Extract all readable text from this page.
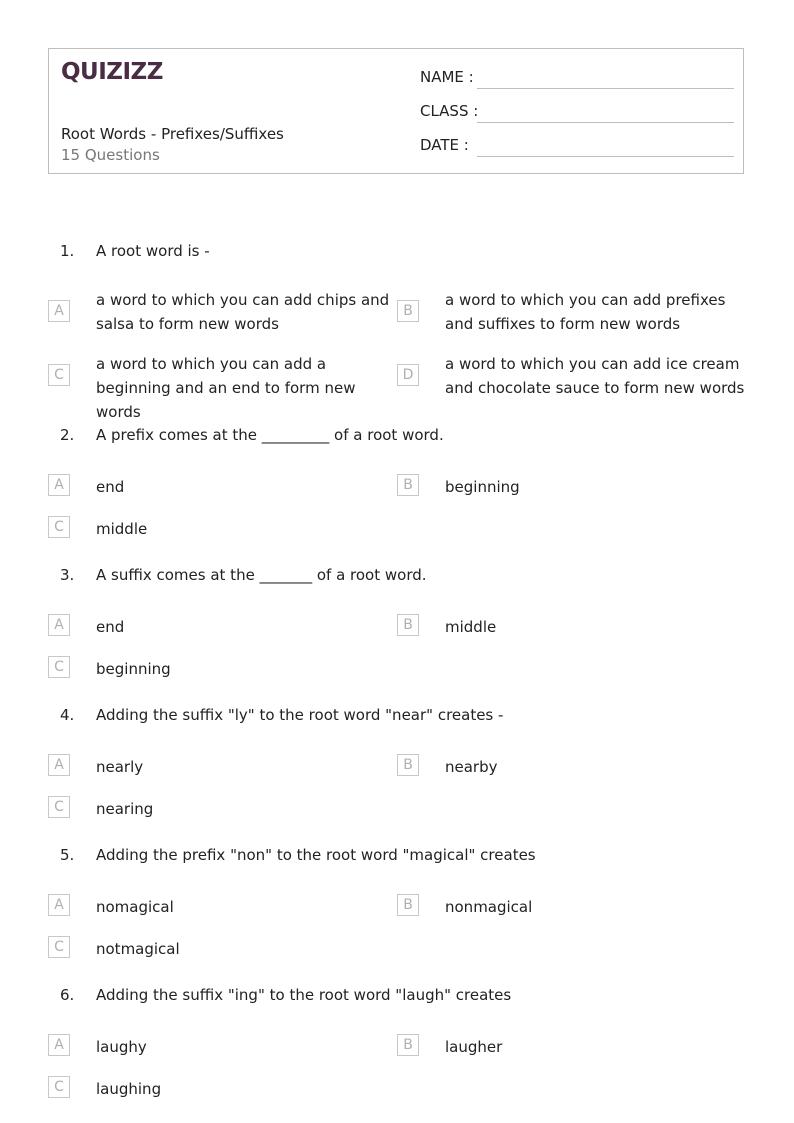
QUIZIZZ
Root Words - Prefixes/Suffixes
15 Questions
NAME :
CLASS :
DATE :
1. A root word is -
A
a word to which you can add chips and salsa to form new words
B
a word to which you can add prefixes and suffixes to form new words
C
a word to which you can add a beginning and an end to form new words
D
a word to which you can add ice cream and chocolate sauce to form new words
2. A prefix comes at the _________ of a root word.
A	end	B	beginning
C	middle
3. A suffix comes at the _______ of a root word.
A	end	B	middle
C	beginning
4. Adding the suffix "ly" to the root word "near" creates -
A	nearly	B	nearby
C	nearing
5. Adding the prefix "non" to the root word "magical" creates
A	nomagical	B	nonmagical
C	notmagical
6. Adding the suffix "ing" to the root word "laugh" creates
A	laughy	B	laugher
C	laughing
